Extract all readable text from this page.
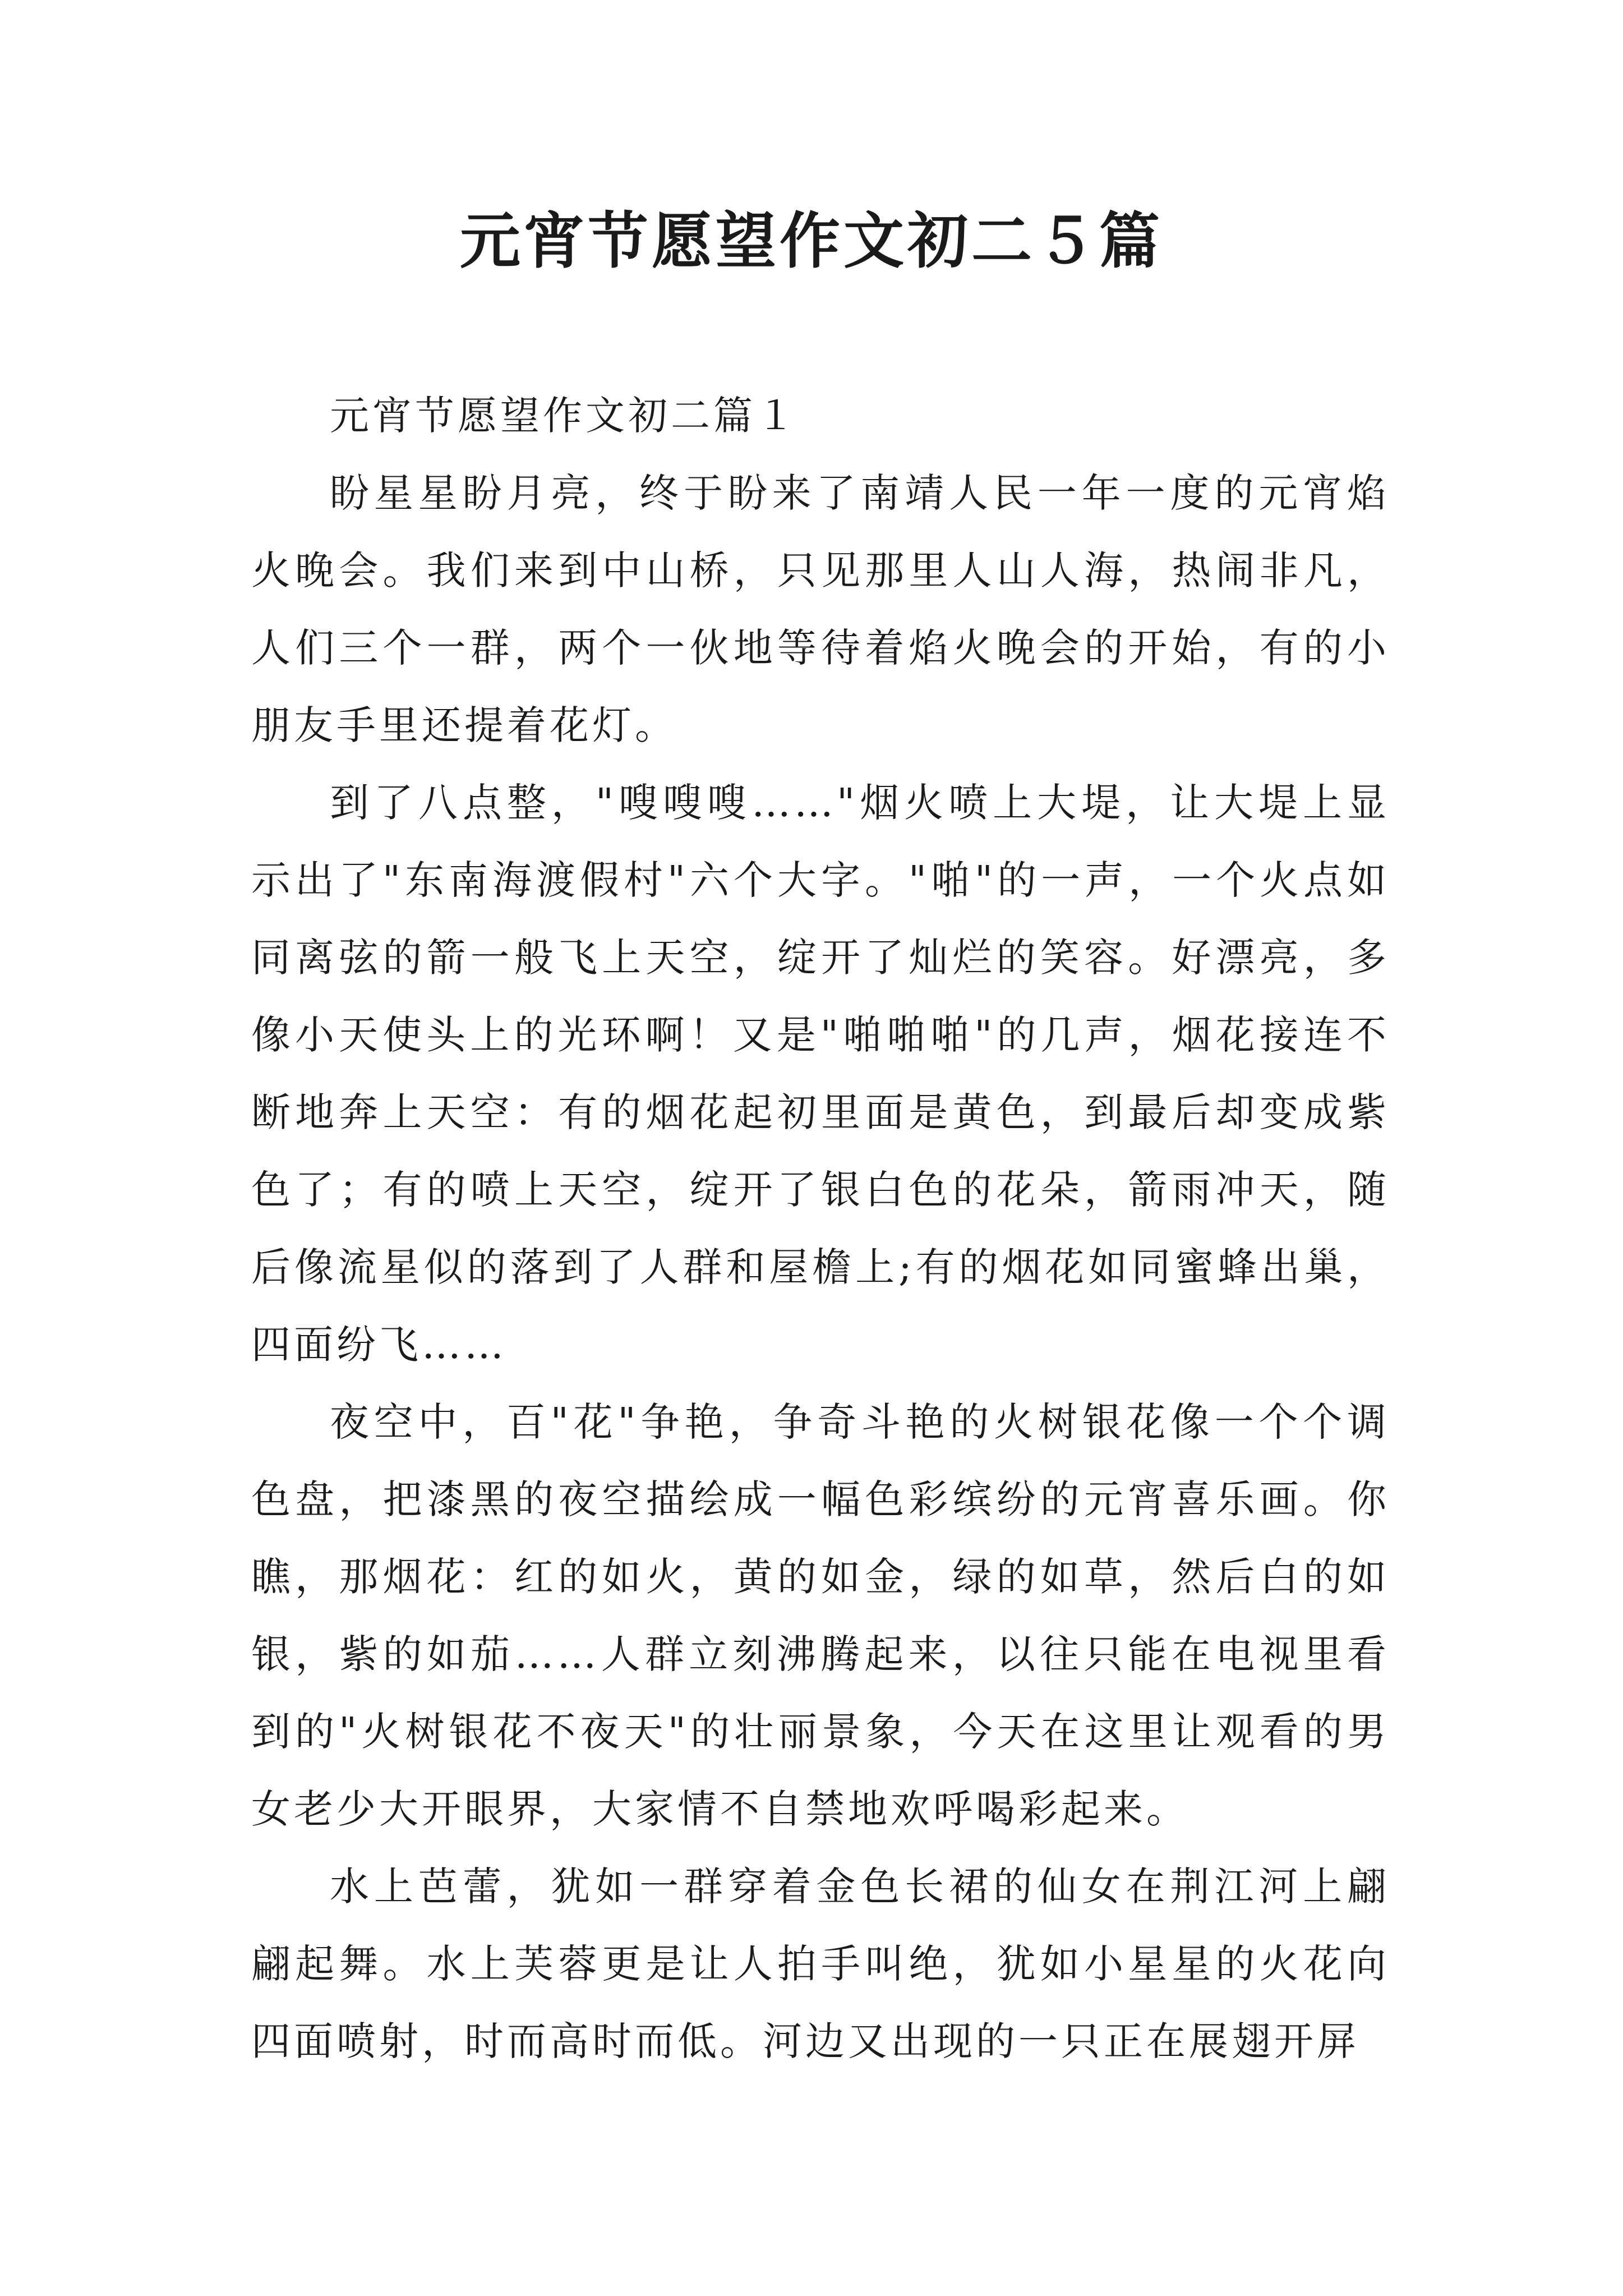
元宵节愿望作文初二５篇
元宵节愿望作文初二篇１

盼星星盼月亮，终于盼来了南靖人民一年一度的元宵焰火晚会。我们来到中山桥，只见那里人山人海，热闹非凡，人们三个一群，两个一伙地等待着焰火晚会的开始，有的小朋友手里还提着花灯。

到了八点整，"嗖嗖嗖……"烟火喷上大堤，让大堤上显示出了"东南海渡假村"六个大字。"啪"的一声，一个火点如同离弦的箭一般飞上天空，绽开了灿烂的笑容。好漂亮，多像小天使头上的光环啊！又是"啪啪啪"的几声，烟花接连不断地奔上天空：有的烟花起初里面是黄色，到最后却变成紫色了；有的喷上天空，绽开了银白色的花朵，箭雨冲天，随后像流星似的落到了人群和屋檐上;有的烟花如同蜜蜂出巢，四面纷飞……

夜空中，百"花"争艳，争奇斗艳的火树银花像一个个调色盘，把漆黑的夜空描绘成一幅色彩缤纷的元宵喜乐画。你瞧，那烟花：红的如火，黄的如金，绿的如草，然后白的如银，紫的如茄……人群立刻沸腾起来，以往只能在电视里看到的"火树银花不夜天"的壮丽景象，今天在这里让观看的男女老少大开眼界，大家情不自禁地欢呼喝彩起来。

水上芭蕾，犹如一群穿着金色长裙的仙女在荆江河上翩翩起舞。水上芙蓉更是让人拍手叫绝，犹如小星星的火花向四面喷射，时而高时而低。河边又出现的一只正在展翅开屏
